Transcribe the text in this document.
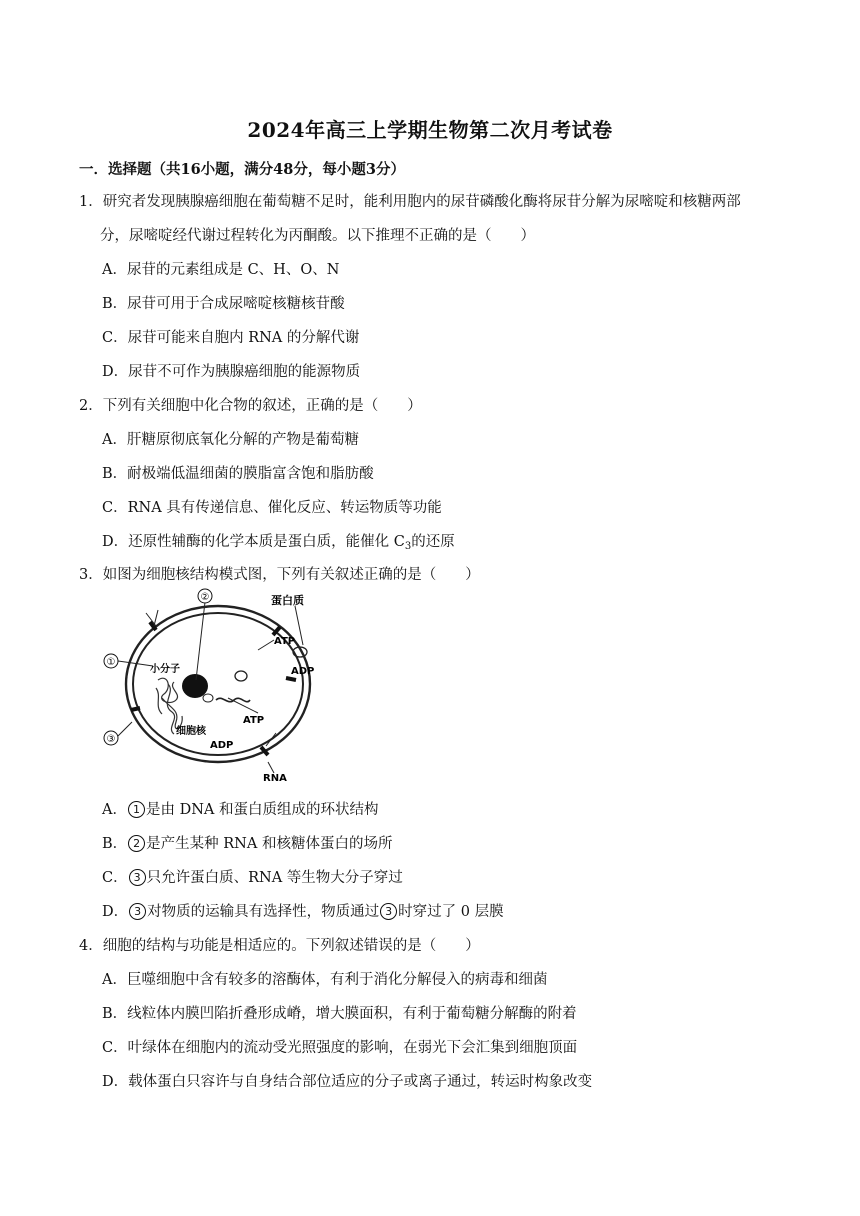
2024年高三上学期生物第二次月考试卷
一．选择题（共16小题，满分48分，每小题3分）
1．研究者发现胰腺癌细胞在葡萄糖不足时，能利用胞内的尿苷磷酸化酶将尿苷分解为尿嘧啶和核糖两部
分，尿嘧啶经代谢过程转化为丙酮酸。以下推理不正确的是（　　）
A．尿苷的元素组成是 C、H、O、N
B．尿苷可用于合成尿嘧啶核糖核苷酸
C．尿苷可能来自胞内 RNA 的分解代谢
D．尿苷不可作为胰腺癌细胞的能源物质
2．下列有关细胞中化合物的叙述，正确的是（　　）
A．肝糖原彻底氧化分解的产物是葡萄糖
B．耐极端低温细菌的膜脂富含饱和脂肪酸
C．RNA 具有传递信息、催化反应、转运物质等功能
D．还原性辅酶的化学本质是蛋白质，能催化 $C_3$的还原
3．如图为细胞核结构模式图，下列有关叙述正确的是（　　）
②
①
③
蛋白质
ATP
ADP
小分子
细胞核
ATP
ADP
RNA
A． 1 是由 DNA 和蛋白质组成的环状结构
B． 2 是产生某种 RNA 和核糖体蛋白的场所
C． 3 只允许蛋白质、RNA 等生物大分子穿过
D． 3 对物质的运输具有选择性，物质通过 3 时穿过了 0 层膜
4．细胞的结构与功能是相适应的。下列叙述错误的是（　　）
A．巨噬细胞中含有较多的溶酶体，有利于消化分解侵入的病毒和细菌
B．线粒体内膜凹陷折叠形成嵴，增大膜面积，有利于葡萄糖分解酶的附着
C．叶绿体在细胞内的流动受光照强度的影响，在弱光下会汇集到细胞顶面
D．载体蛋白只容许与自身结合部位适应的分子或离子通过，转运时构象改变
